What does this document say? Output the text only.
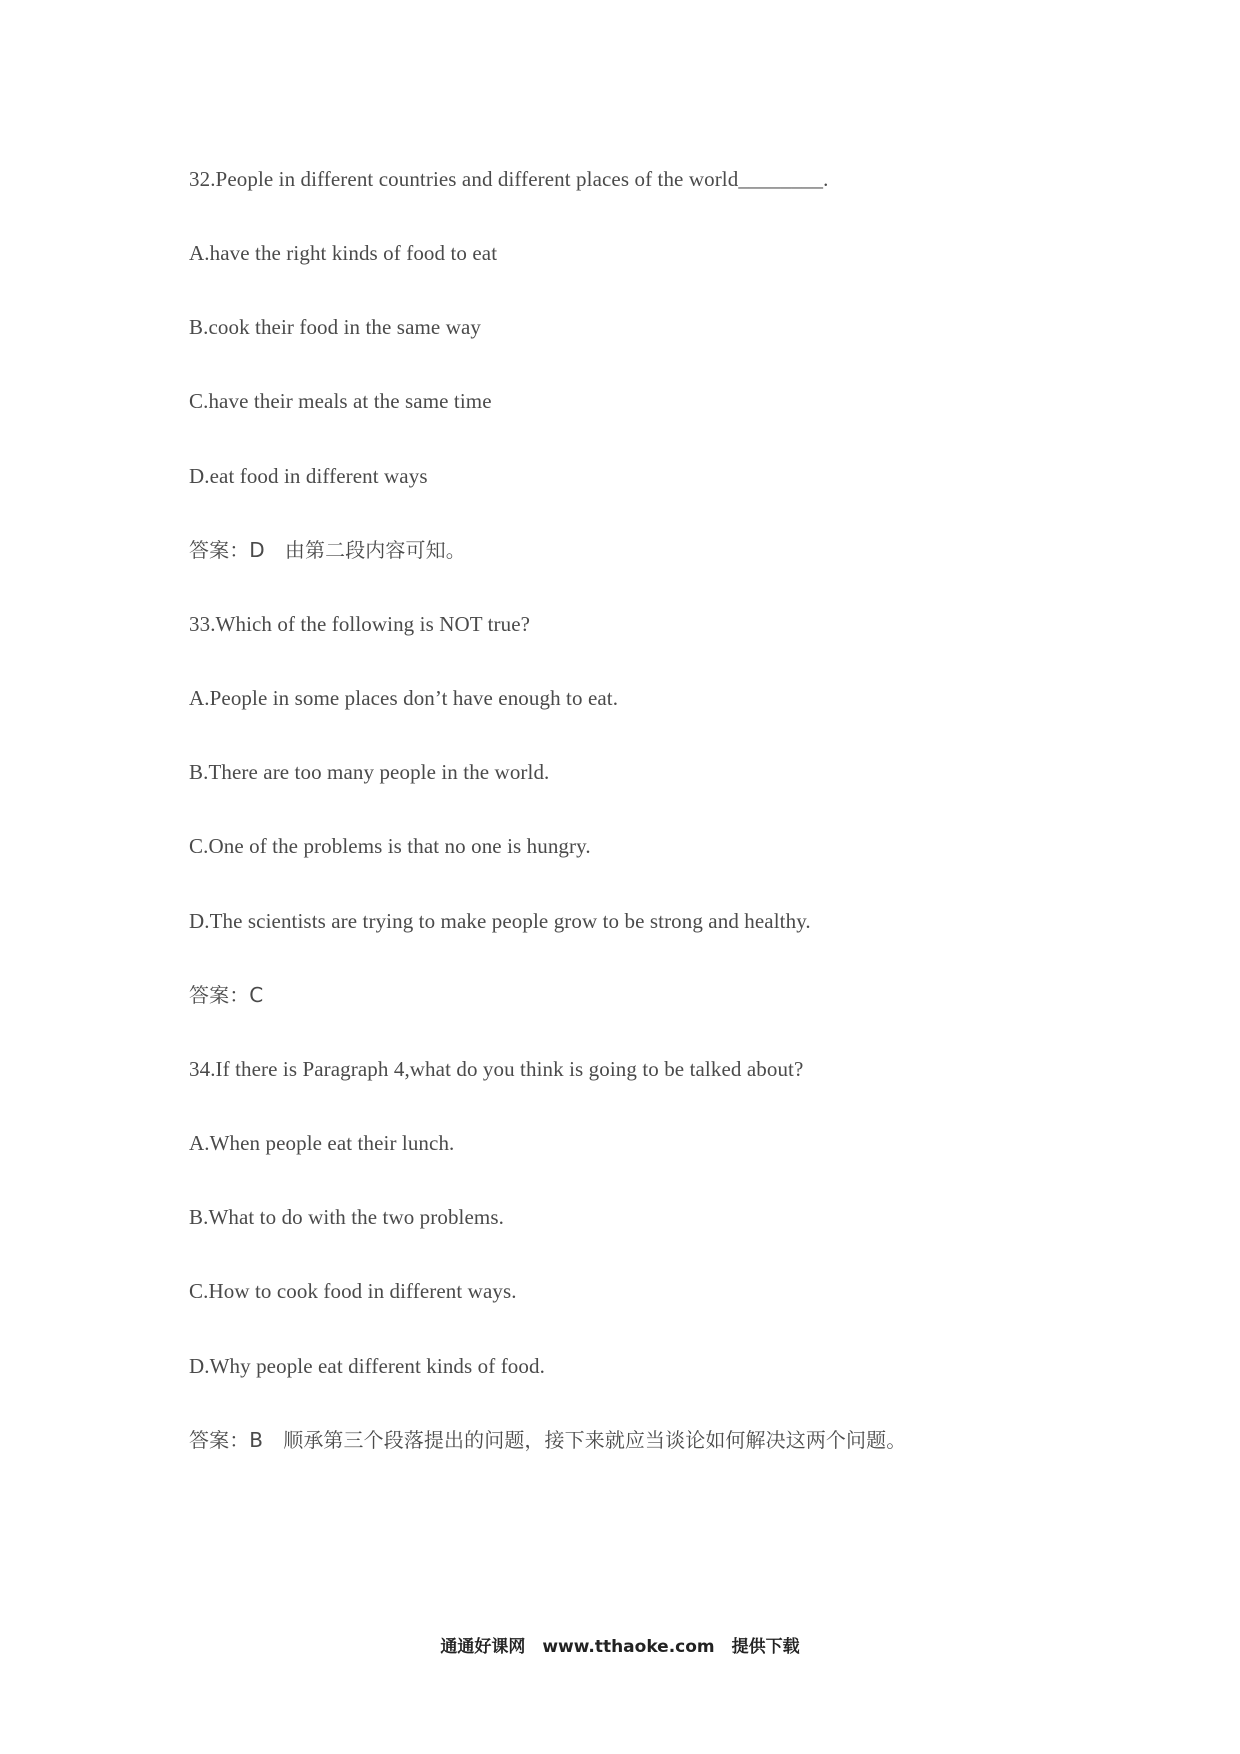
32.People in different countries and different places of the world________.
A.have the right kinds of food to eat
B.cook their food in the same way
C.have their meals at the same time
D.eat food in different ways
答案：D　由第二段内容可知。
33.Which of the following is NOT true?
A.People in some places don’t have enough to eat.
B.There are too many people in the world.
C.One of the problems is that no one is hungry.
D.The scientists are trying to make people grow to be strong and healthy.
答案：C
34.If there is Paragraph 4,what do you think is going to be talked about?
A.When people eat their lunch.
B.What to do with the two problems.
C.How to cook food in different ways.
D.Why people eat different kinds of food.
答案：B　顺承第三个段落提出的问题，接下来就应当谈论如何解决这两个问题。
通通好课网　www.tthaoke.com　提供下载
